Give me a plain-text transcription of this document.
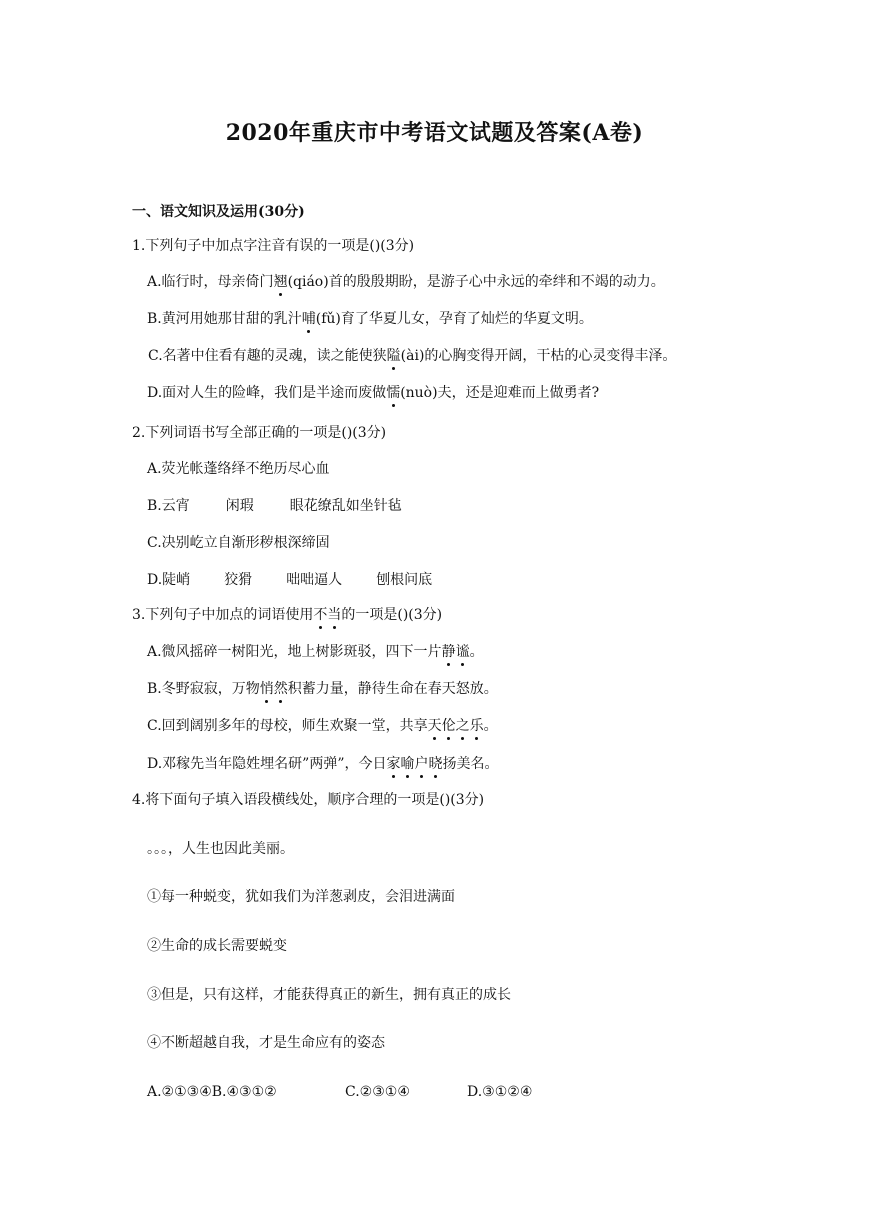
2020年重庆市中考语文试题及答案(A卷)
一、语文知识及运用(30分)
1.下列句子中加点字注音有误的一项是()(3分)
A.临行时，母亲倚门翘(qiáo)首的殷殷期盼，是游子心中永远的牵绊和不竭的动力。
B.黄河用她那甘甜的乳汁哺(fǔ)育了华夏儿女，孕育了灿烂的华夏文明。
C.名著中住看有趣的灵魂，读之能使狭隘(ài)的心胸变得开阔，干枯的心灵变得丰泽。
D.面对人生的险峰，我们是半途而废做懦(nuò)夫，还是迎难而上做勇者?
2.下列词语书写全部正确的一项是()(3分)
A.荧光帐蓬络绎不绝历尽心血
B.云宵	闲瑕	眼花缭乱如坐针毡
C.决别屹立自渐形秽根深缔固
D.陡峭 狡猾 咄咄逼人 刨根问底
3.下列句子中加点的词语使用不当的一项是()(3分)
A.微风摇碎一树阳光，地上树影斑驳，四下一片静谧。
B.冬野寂寂，万物悄然积蓄力量，静待生命在春天怒放。
C.回到阔别多年的母校，师生欢聚一堂，共享天伦之乐。
D.邓稼先当年隐姓埋名研”两弹”，今日家喻户晓扬美名。
4.将下面句子填入语段横线处，顺序合理的一项是()(3分)
。。。，人生也因此美丽。
①每一种蜕变，犹如我们为洋葱剥皮，会泪进满面
②生命的成长需要蜕变
③但是，只有这样，才能获得真正的新生，拥有真正的成长
④不断超越自我，才是生命应有的姿态
A.②①③④B.④③①②	C.②③①④	D.③①②④
